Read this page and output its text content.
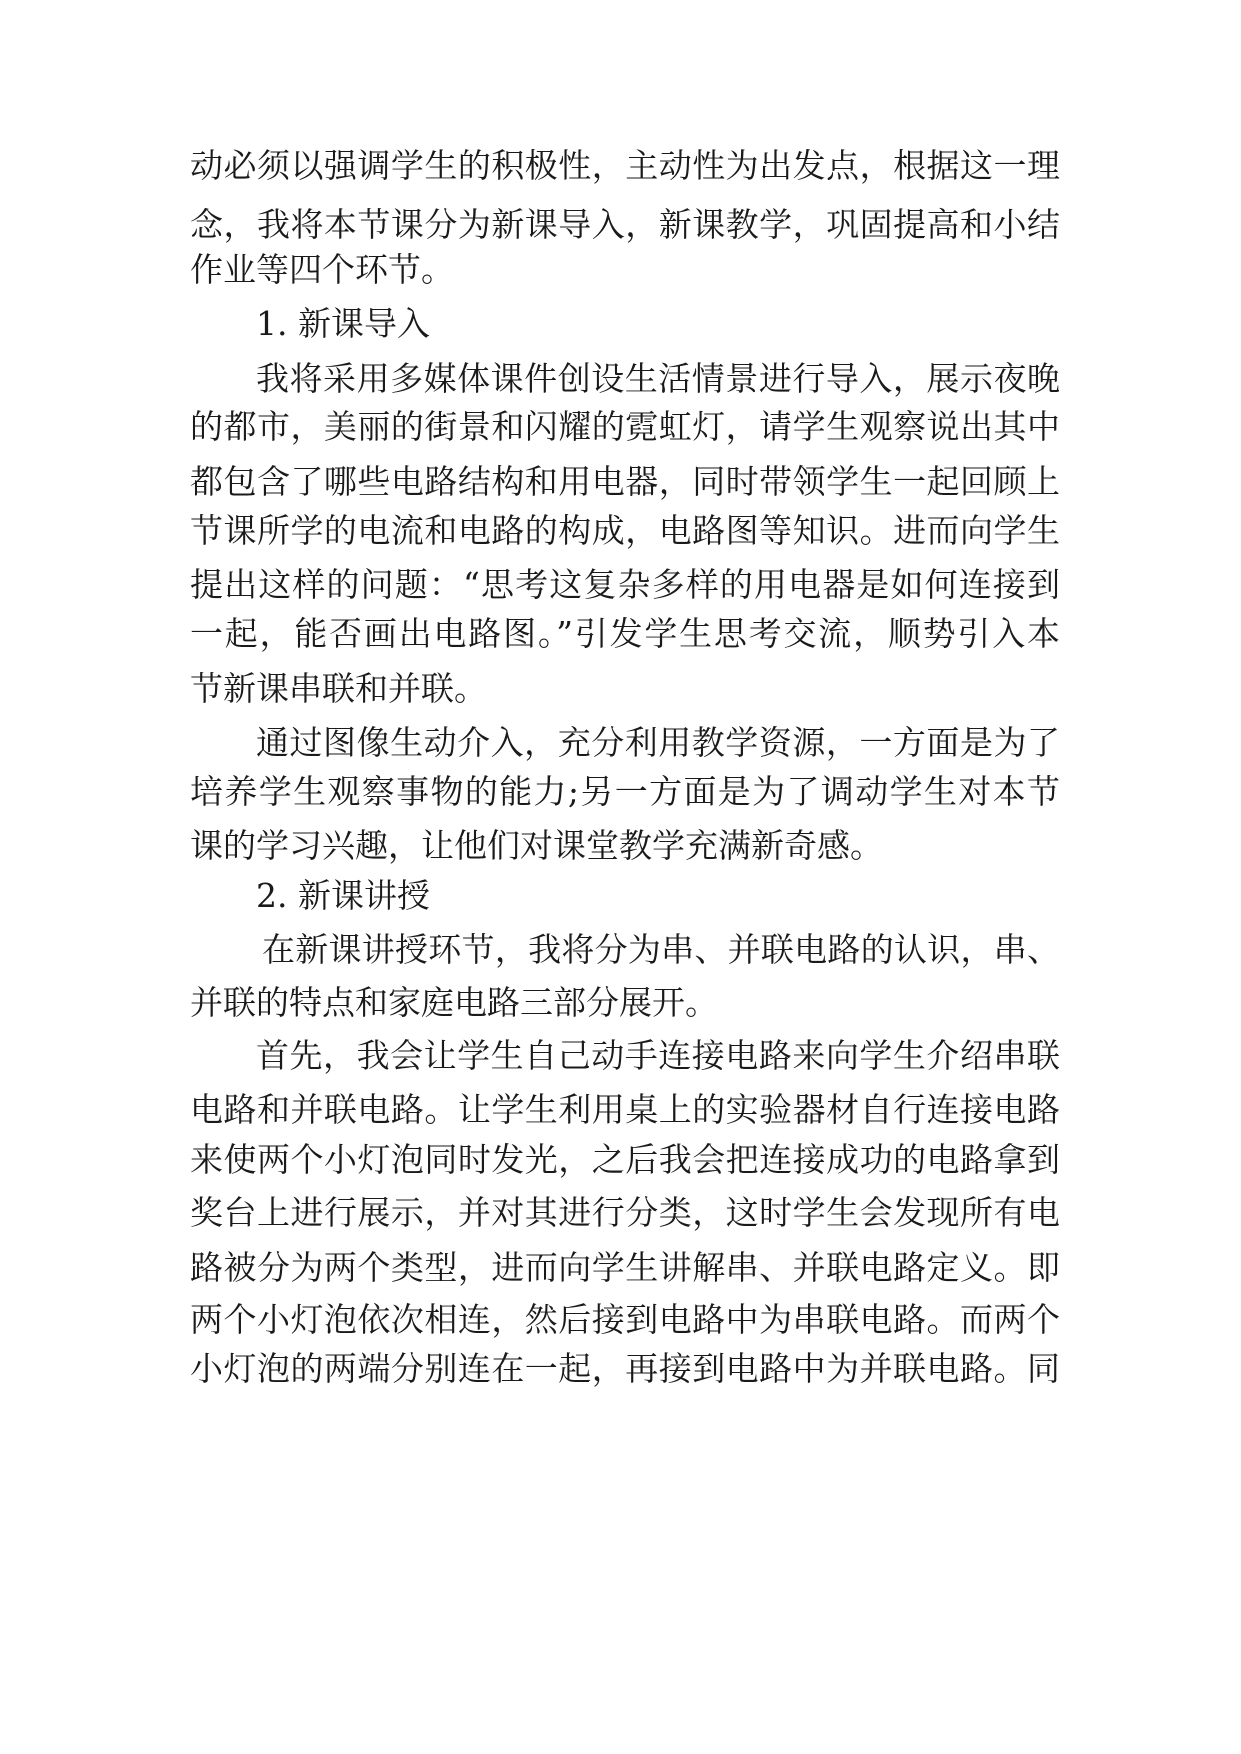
动必须以强调学生的积极性，主动性为出发点，根据这一理
念，我将本节课分为新课导入，新课教学，巩固提高和小结
作业等四个环节。
1. 新课导入
我将采用多媒体课件创设生活情景进行导入，展示夜晚
的都市，美丽的街景和闪耀的霓虹灯，请学生观察说出其中
都包含了哪些电路结构和用电器，同时带领学生一起回顾上
节课所学的电流和电路的构成，电路图等知识。进而向学生
提出这样的问题：“思考这复杂多样的用电器是如何连接到
一起，能否画出电路图。”引发学生思考交流，顺势引入本
节新课串联和并联。
通过图像生动介入，充分利用教学资源，一方面是为了
培养学生观察事物的能力;另一方面是为了调动学生对本节
课的学习兴趣，让他们对课堂教学充满新奇感。
2. 新课讲授
在新课讲授环节，我将分为串、并联电路的认识，串、
并联的特点和家庭电路三部分展开。
首先，我会让学生自己动手连接电路来向学生介绍串联
电路和并联电路。让学生利用桌上的实验器材自行连接电路
来使两个小灯泡同时发光，之后我会把连接成功的电路拿到
奖台上进行展示，并对其进行分类，这时学生会发现所有电
路被分为两个类型，进而向学生讲解串、并联电路定义。即
两个小灯泡依次相连，然后接到电路中为串联电路。而两个
小灯泡的两端分别连在一起，再接到电路中为并联电路。同
